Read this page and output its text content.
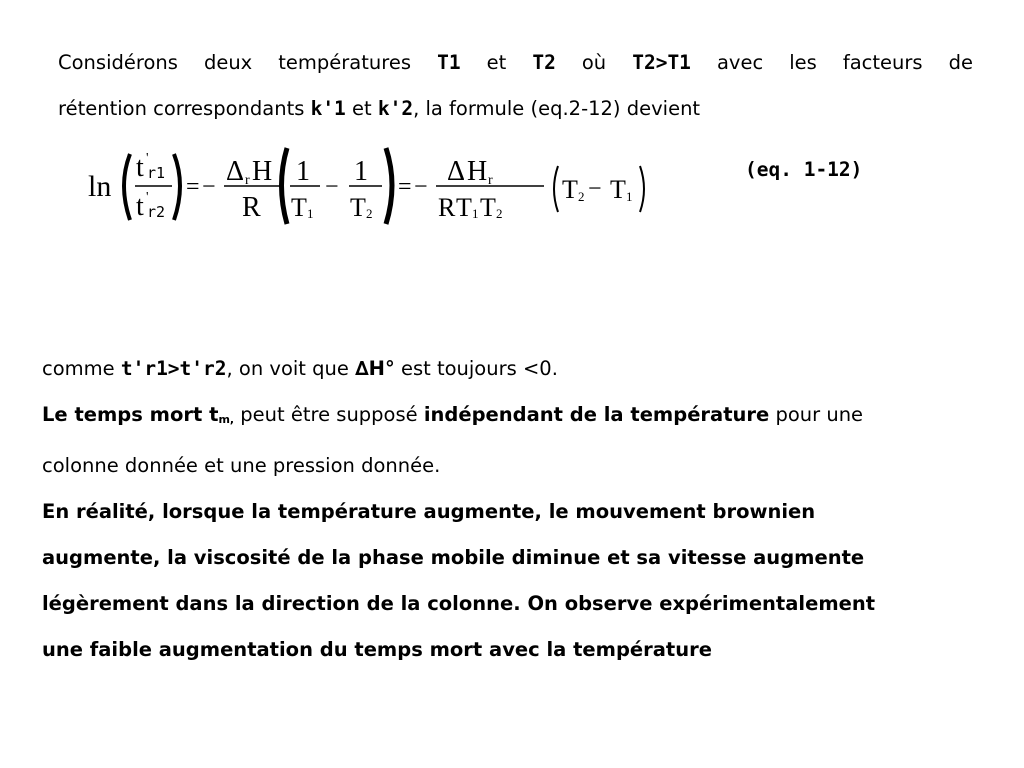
Considérons deux températures T1 et T2 où T2>T1 avec les facteurs de
rétention correspondants k'1 et k'2, la formule (eq.2-12) devient
ln
t '
r1
t '
r2
= − Δ r H
R
1
T 1
− 1
T 2
= − Δ H r
R T 1 T 2
T 2 − T 1
(eq. 1-12)
comme t'r1>t'r2, on voit que ∆H° est toujours <0.
Le temps mort tm, peut être supposé indépendant de la température pour une
colonne donnée et une pression donnée.
En réalité, lorsque la température augmente, le mouvement brownien
augmente, la viscosité de la phase mobile diminue et sa vitesse augmente
légèrement dans la direction de la colonne. On observe expérimentalement
une faible augmentation du temps mort avec la température
